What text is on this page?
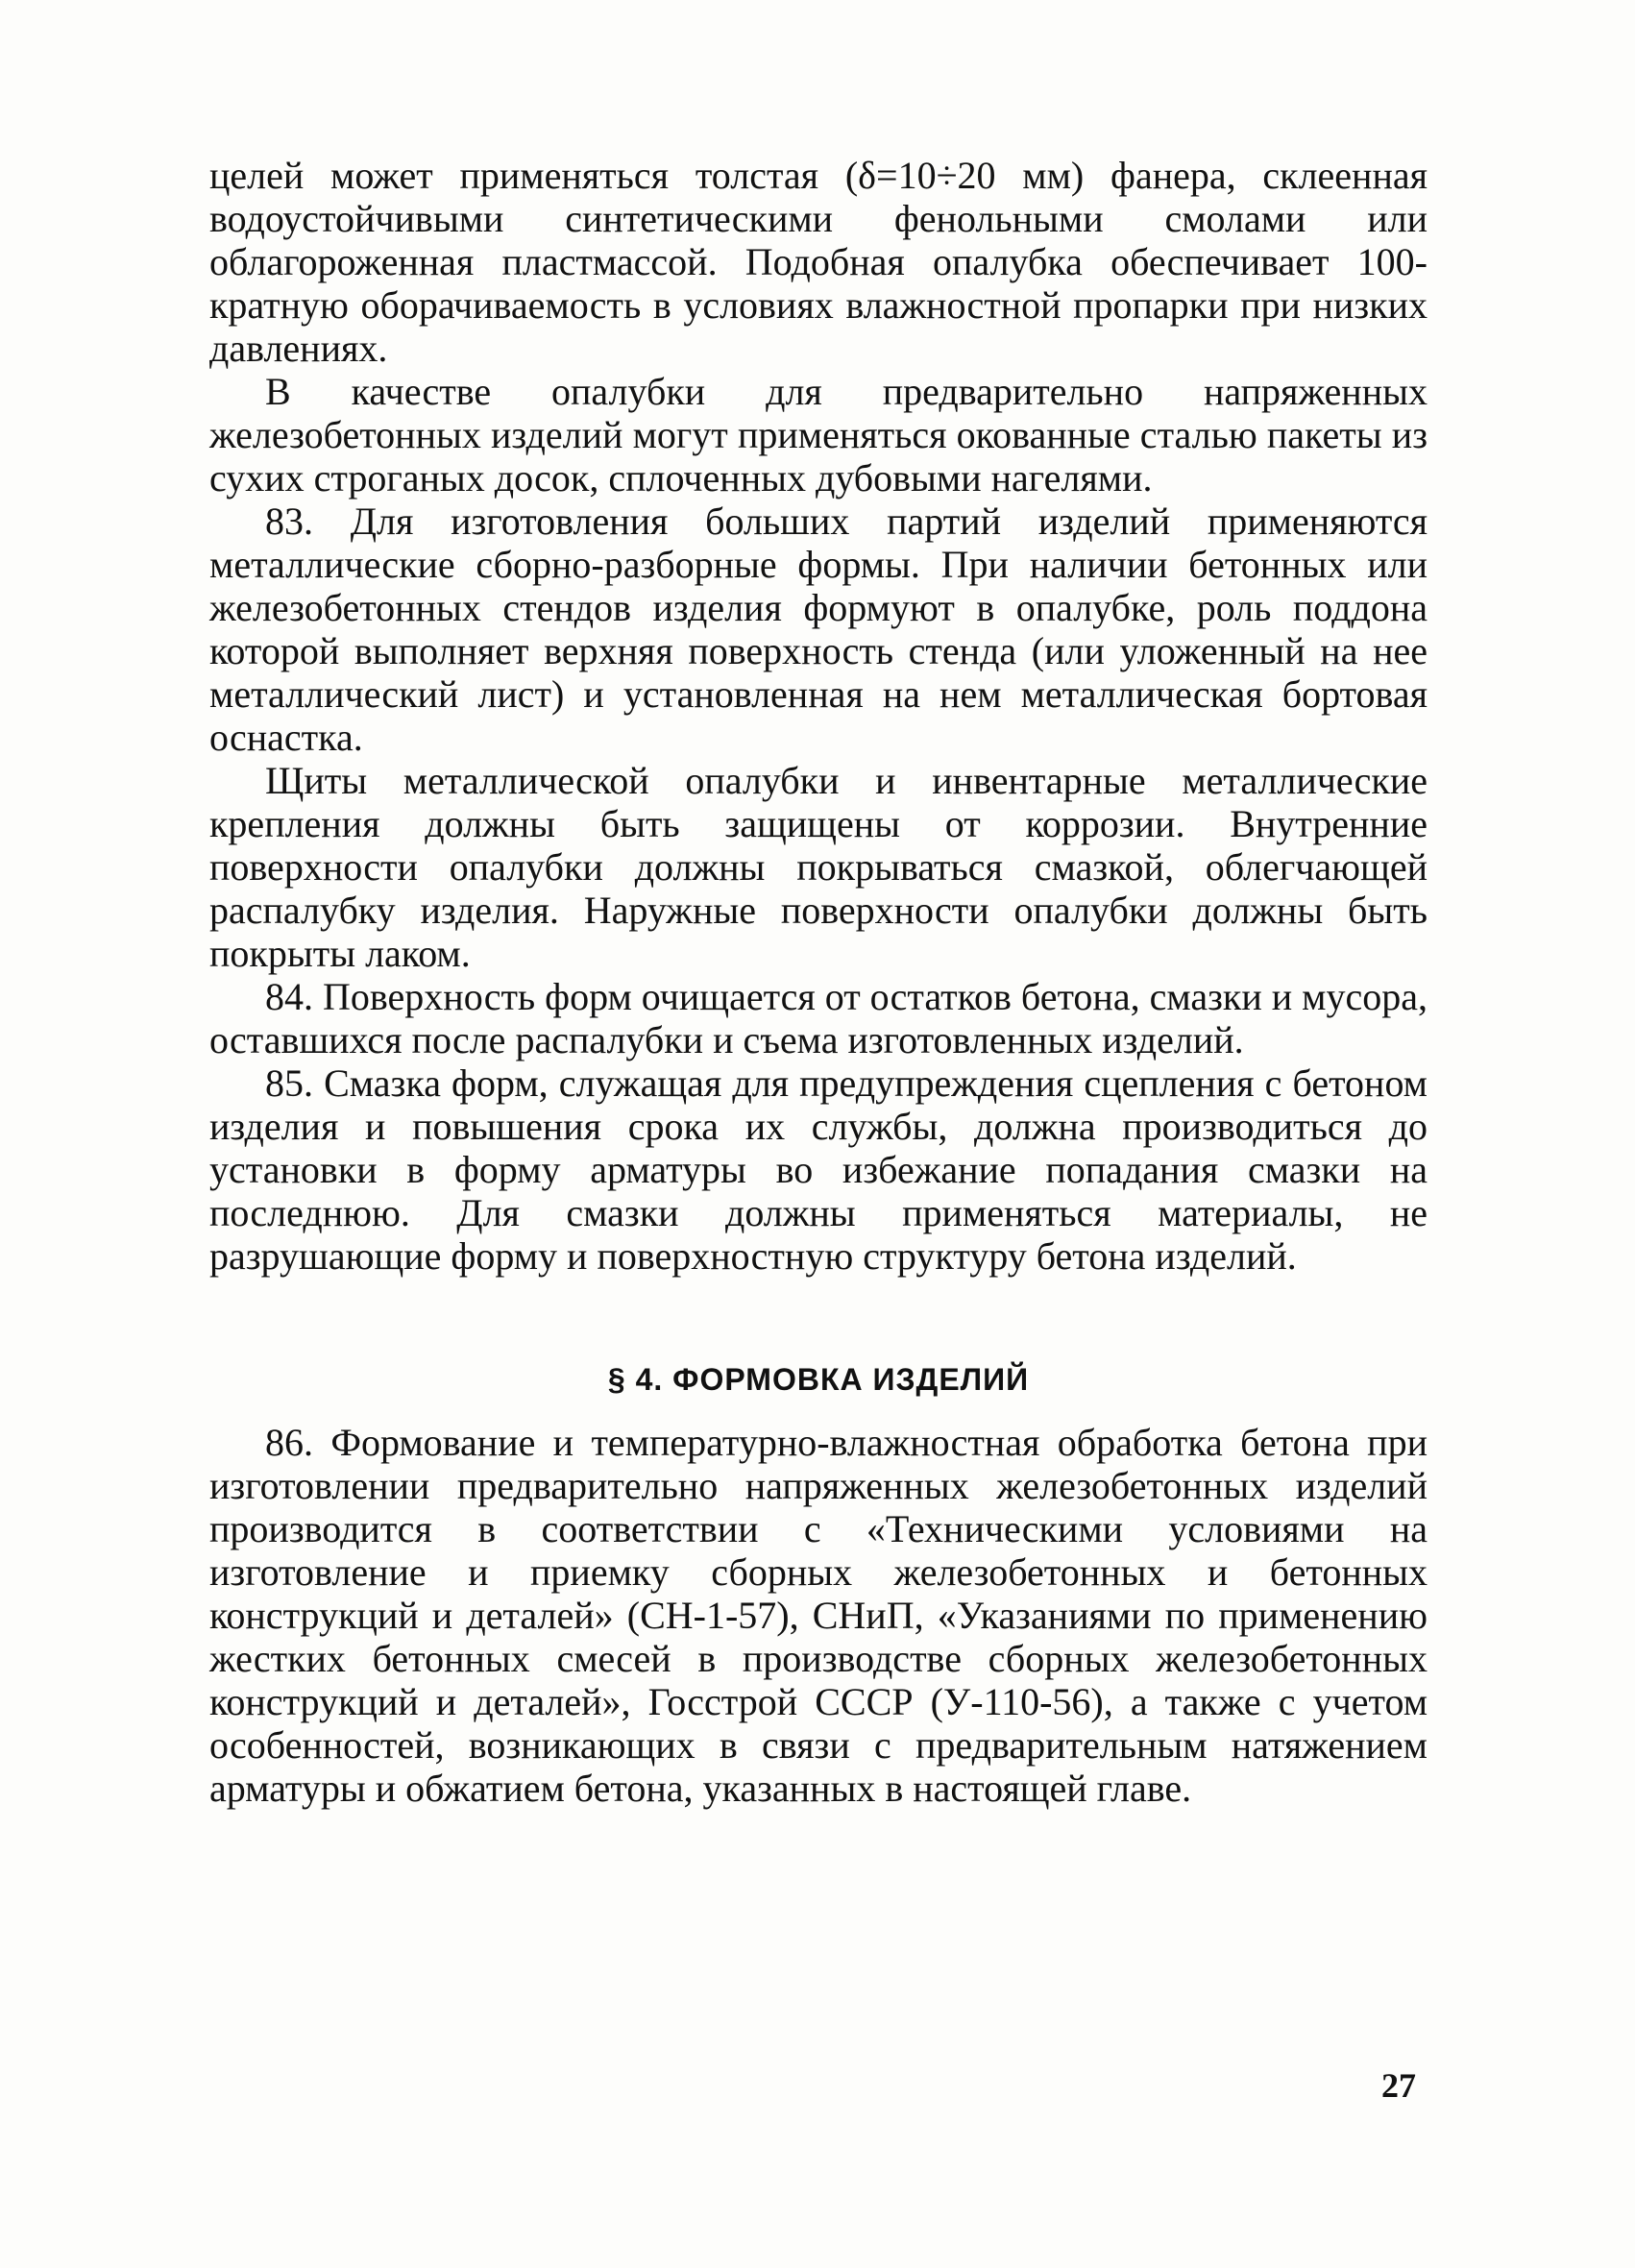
целей может применяться толстая (δ=10÷20 мм) фанера, склеенная водоустойчивыми синтетическими фенольными смолами или облагороженная пластмассой. Подобная опалубка обеспечивает 100-кратную оборачиваемость в условиях влажностной пропарки при низких давлениях.

В качестве опалубки для предварительно напряженных железобетонных изделий могут применяться окованные сталью пакеты из сухих строганых досок, сплоченных дубовыми нагелями.

83. Для изготовления больших партий изделий применяются металлические сборно-разборные формы. При наличии бетонных или железобетонных стендов изделия формуют в опалубке, роль поддона которой выполняет верхняя поверхность стенда (или уложенный на нее металлический лист) и установленная на нем металлическая бортовая оснастка.

Щиты металлической опалубки и инвентарные металлические крепления должны быть защищены от коррозии. Внутренние поверхности опалубки должны покрываться смазкой, облегчающей распалубку изделия. Наружные поверхности опалубки должны быть покрыты лаком.

84. Поверхность форм очищается от остатков бетона, смазки и мусора, оставшихся после распалубки и съема изготовленных изделий.

85. Смазка форм, служащая для предупреждения сцепления с бетоном изделия и повышения срока их службы, должна производиться до установки в форму арматуры во избежание попадания смазки на последнюю. Для смазки должны применяться материалы, не разрушающие форму и поверхностную структуру бетона изделий.

§ 4. ФОРМОВКА ИЗДЕЛИЙ

86. Формование и температурно-влажностная обработка бетона при изготовлении предварительно напряженных железобетонных изделий производится в соответствии с «Техническими условиями на изготовление и приемку сборных железобетонных и бетонных конструкций и деталей» (СН-1-57), СНиП, «Указаниями по применению жестких бетонных смесей в производстве сборных железобетонных конструкций и деталей», Госстрой СССР (У-110-56), а также с учетом особенностей, возникающих в связи с предварительным натяжением арматуры и обжатием бетона, указанных в настоящей главе.

27
